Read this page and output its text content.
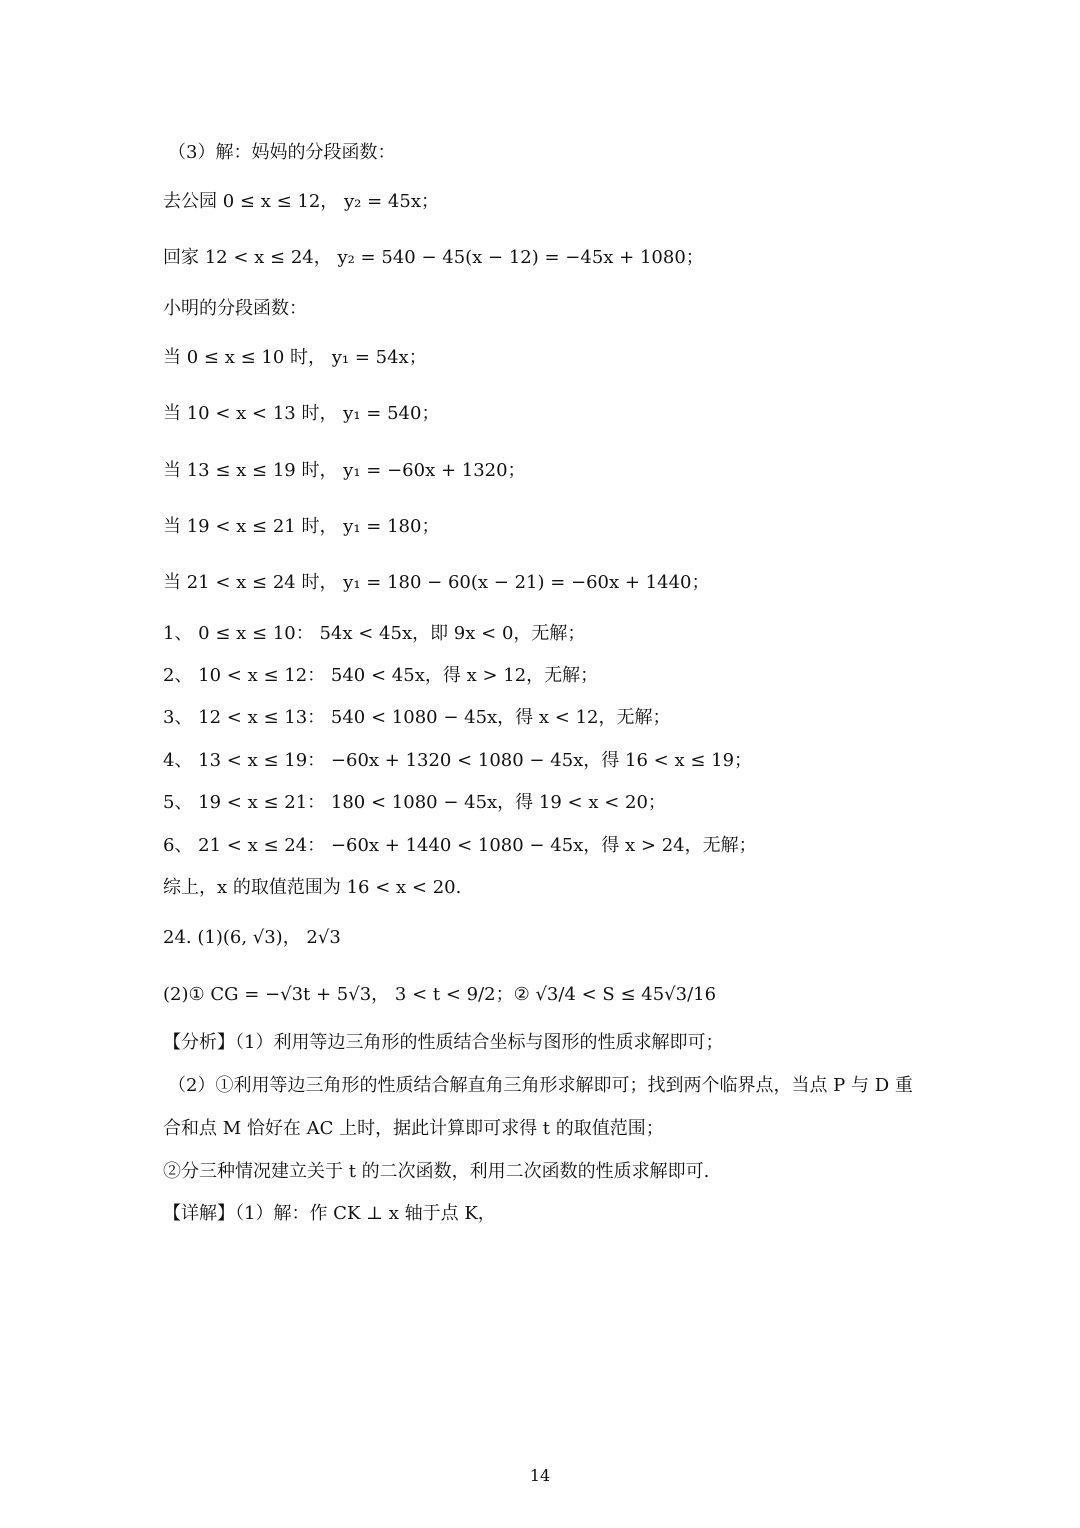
（3）解：妈妈的分段函数：
去公园 0 ≤ x ≤ 12， y₂ = 45x；
回家 12 < x ≤ 24， y₂ = 540 − 45(x − 12) = −45x + 1080；
小明的分段函数：
当 0 ≤ x ≤ 10 时， y₁ = 54x；
当 10 < x < 13 时， y₁ = 540；
当 13 ≤ x ≤ 19 时， y₁ = −60x + 1320；
当 19 < x ≤ 21 时， y₁ = 180；
当 21 < x ≤ 24 时， y₁ = 180 − 60(x − 21) = −60x + 1440；
1、 0 ≤ x ≤ 10： 54x < 45x，即 9x < 0，无解；
2、 10 < x ≤ 12： 540 < 45x，得 x > 12，无解；
3、 12 < x ≤ 13： 540 < 1080 − 45x，得 x < 12，无解；
4、 13 < x ≤ 19： −60x + 1320 < 1080 − 45x，得 16 < x ≤ 19；
5、 19 < x ≤ 21： 180 < 1080 − 45x，得 19 < x < 20；
6、 21 < x ≤ 24： −60x + 1440 < 1080 − 45x，得 x > 24，无解；
综上，x 的取值范围为 16 < x < 20.
24. (1)(6, √3)， 2√3
(2)① CG = −√3t + 5√3， 3 < t < 9/2；② √3/4 < S ≤ 45√3/16
【分析】（1）利用等边三角形的性质结合坐标与图形的性质求解即可；
（2）①利用等边三角形的性质结合解直角三角形求解即可；找到两个临界点，当点 P 与 D 重
合和点 M 恰好在 AC 上时，据此计算即可求得 t 的取值范围；
②分三种情况建立关于 t 的二次函数，利用二次函数的性质求解即可.
【详解】（1）解：作 CK ⊥ x 轴于点 K，
14
